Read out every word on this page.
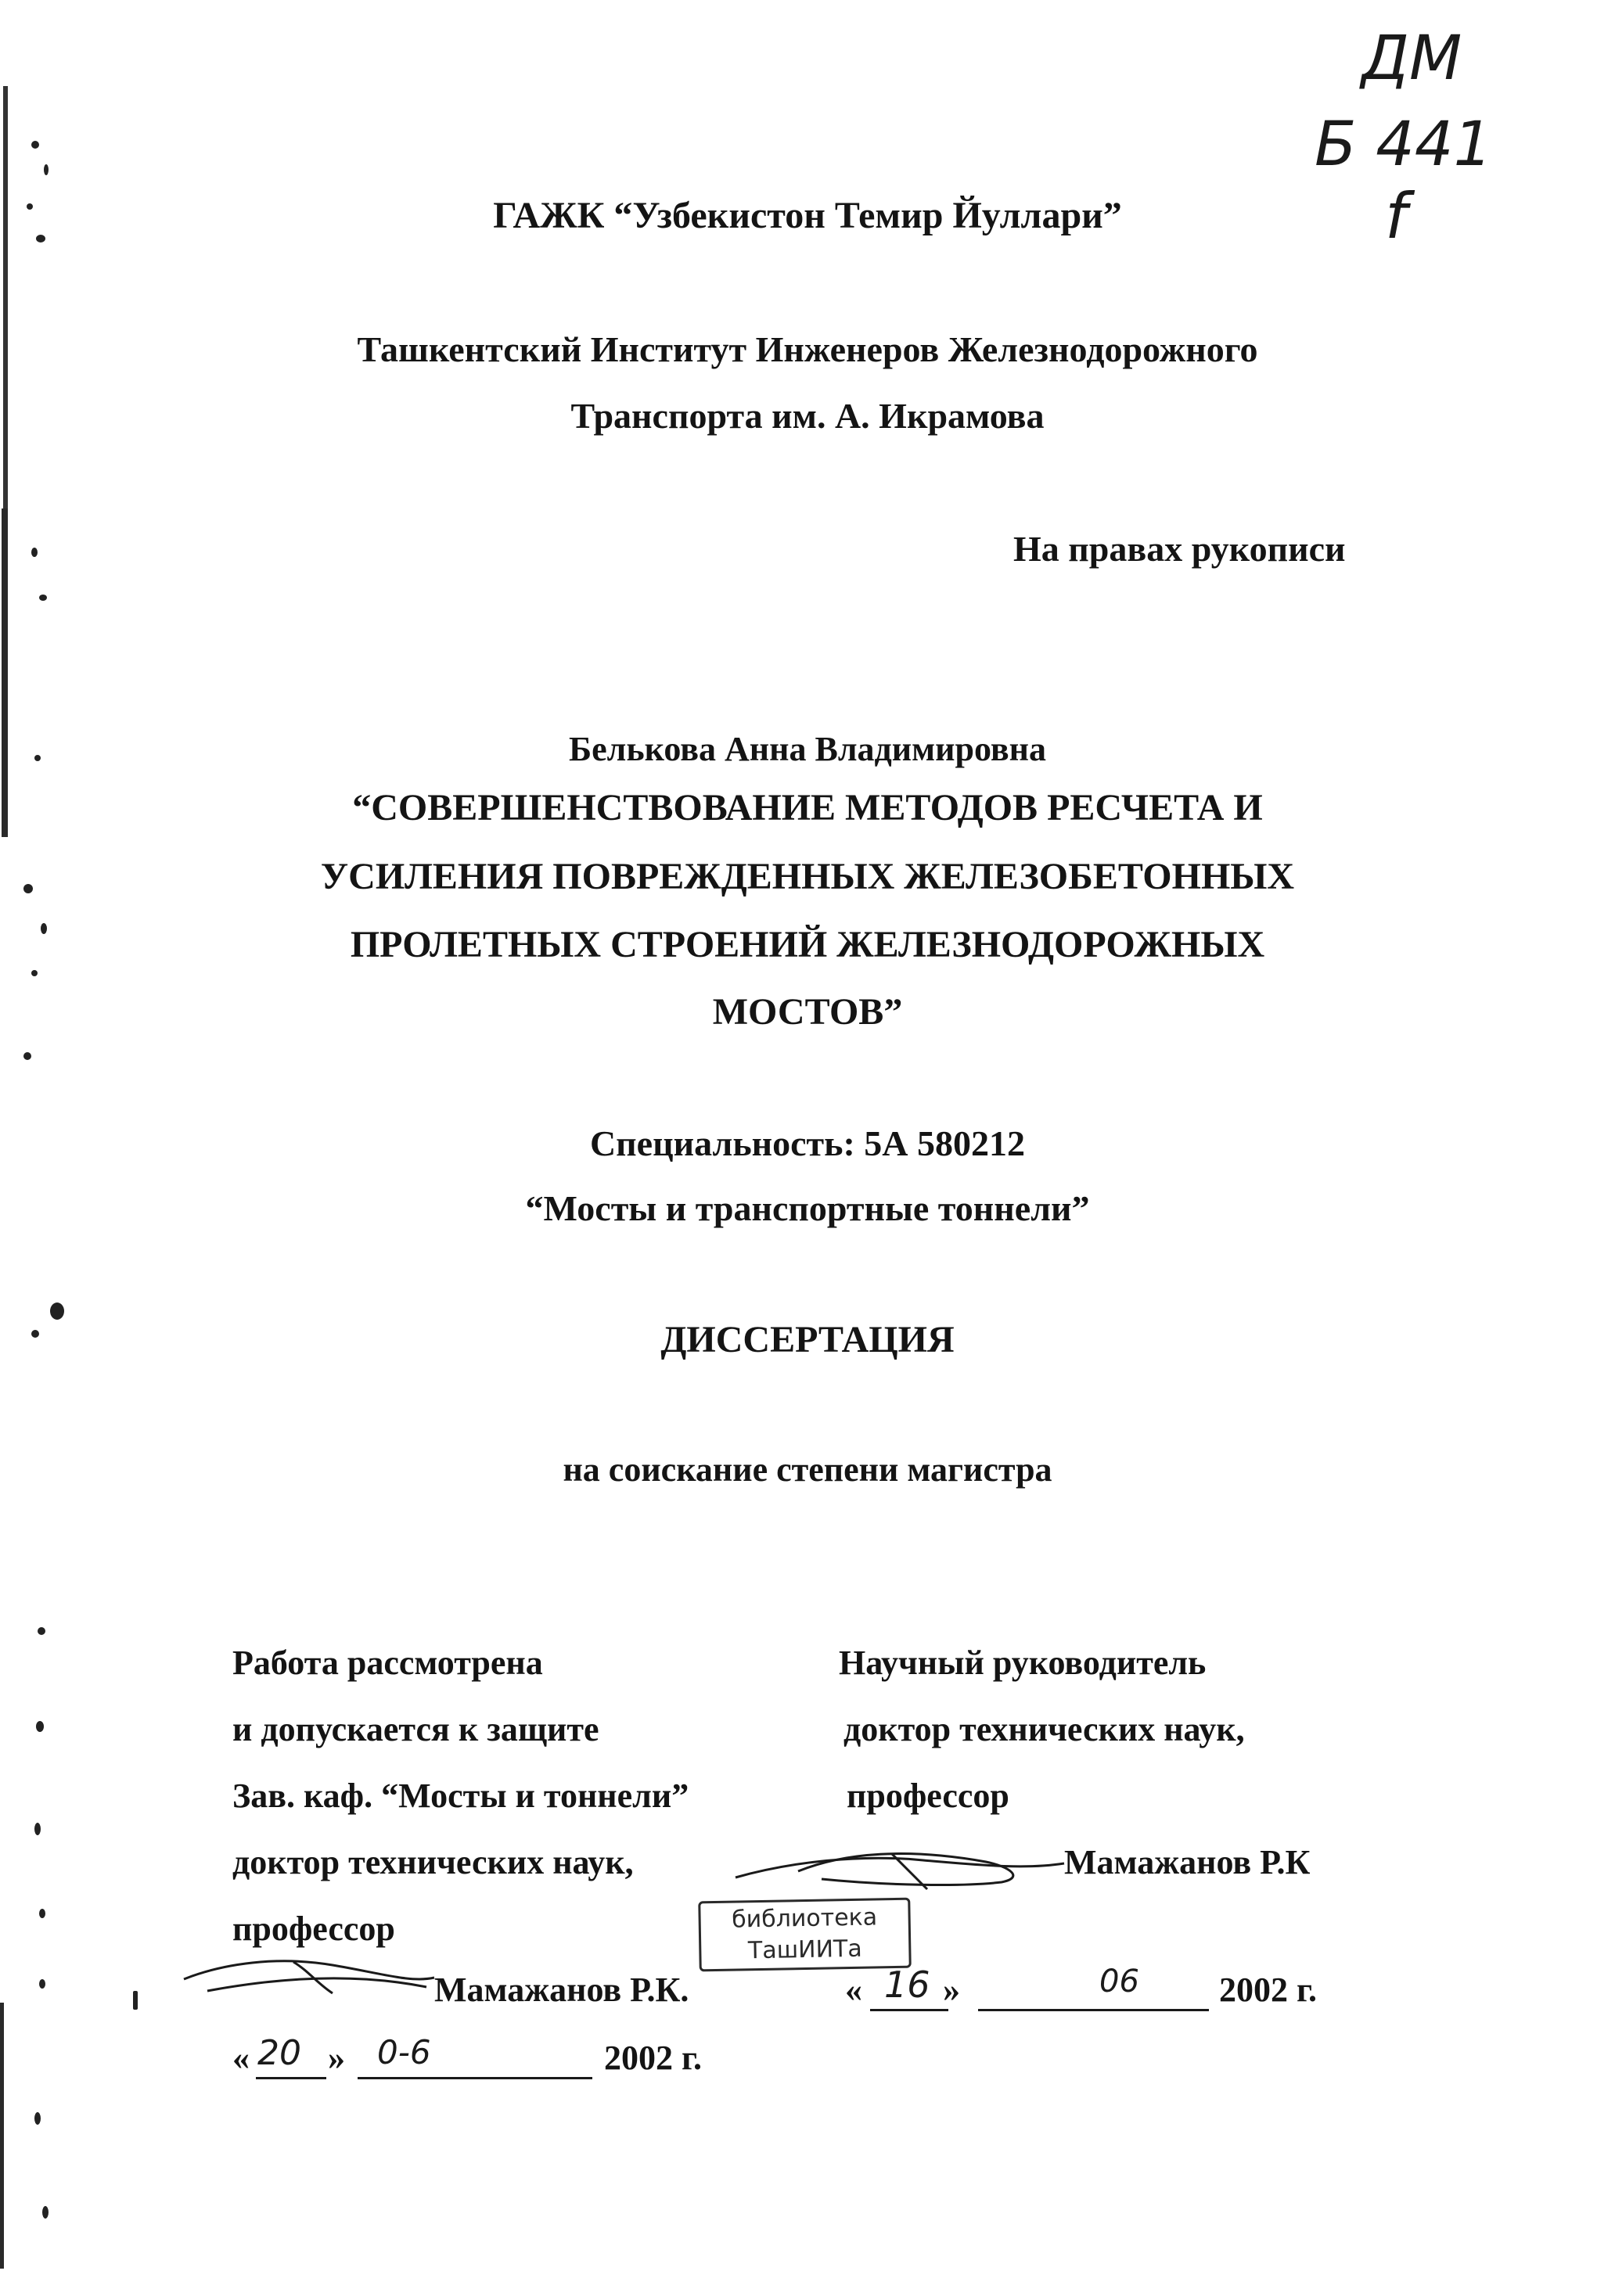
ДМ
Б 441
f
ГАЖК “Узбекистон Темир Йуллари”
Ташкентский Институт Инженеров Железнодорожного
Транспорта им. А. Икрамова
На правах рукописи
Белькова Анна Владимировна
“СОВЕРШЕНСТВОВАНИЕ МЕТОДОВ РЕСЧЕТА И
УСИЛЕНИЯ ПОВРЕЖДЕННЫХ ЖЕЛЕЗОБЕТОННЫХ
ПРОЛЕТНЫХ СТРОЕНИЙ ЖЕЛЕЗНОДОРОЖНЫХ
МОСТОВ”
Специальность: 5А 580212
“Мосты и транспортные тоннели”
ДИССЕРТАЦИЯ
на соискание степени магистра
Работа рассмотрена
и допускается к защите
Зав. каф. “Мосты и тоннели”
доктор технических наук,
профессор
Мамажанов Р.К.
« 20 » 0-6	2002 г.
Научный руководитель
доктор технических наук,
профессор
Мамажанов Р.К
библиотека
ТашИИТа
« 16 »	06 2002 г.
